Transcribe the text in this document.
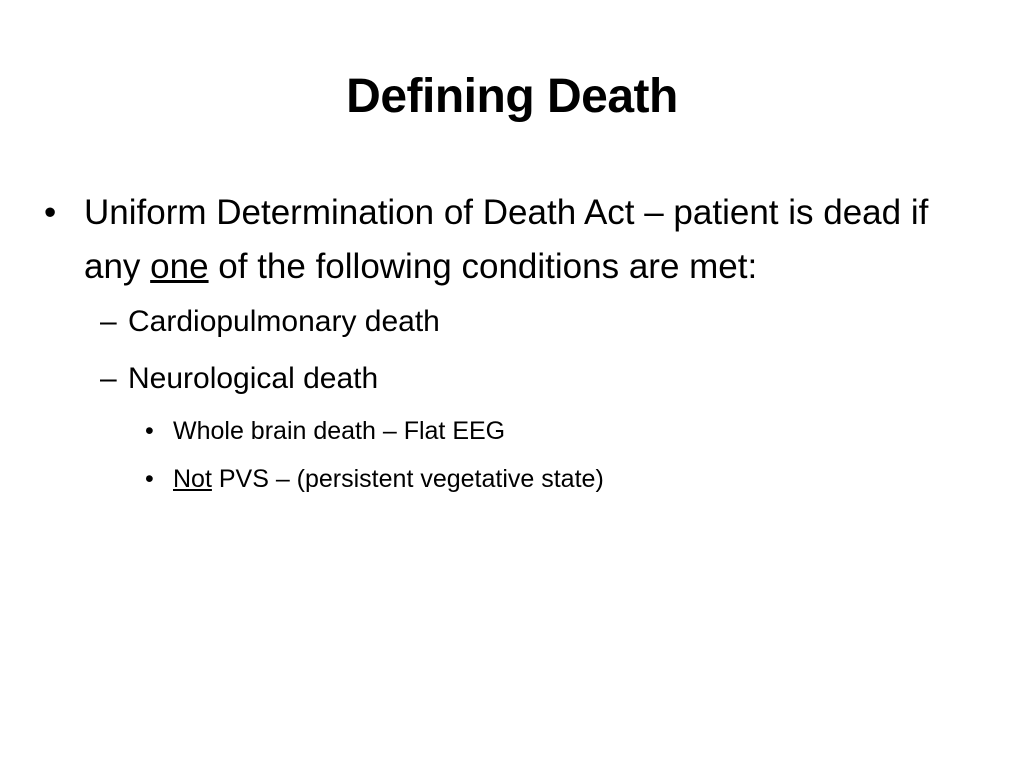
Defining Death
• Uniform Determination of Death Act – patient is dead if any one of the following conditions are met:
– Cardiopulmonary death
– Neurological death
• Whole brain death – Flat EEG
• Not PVS – (persistent vegetative state)
